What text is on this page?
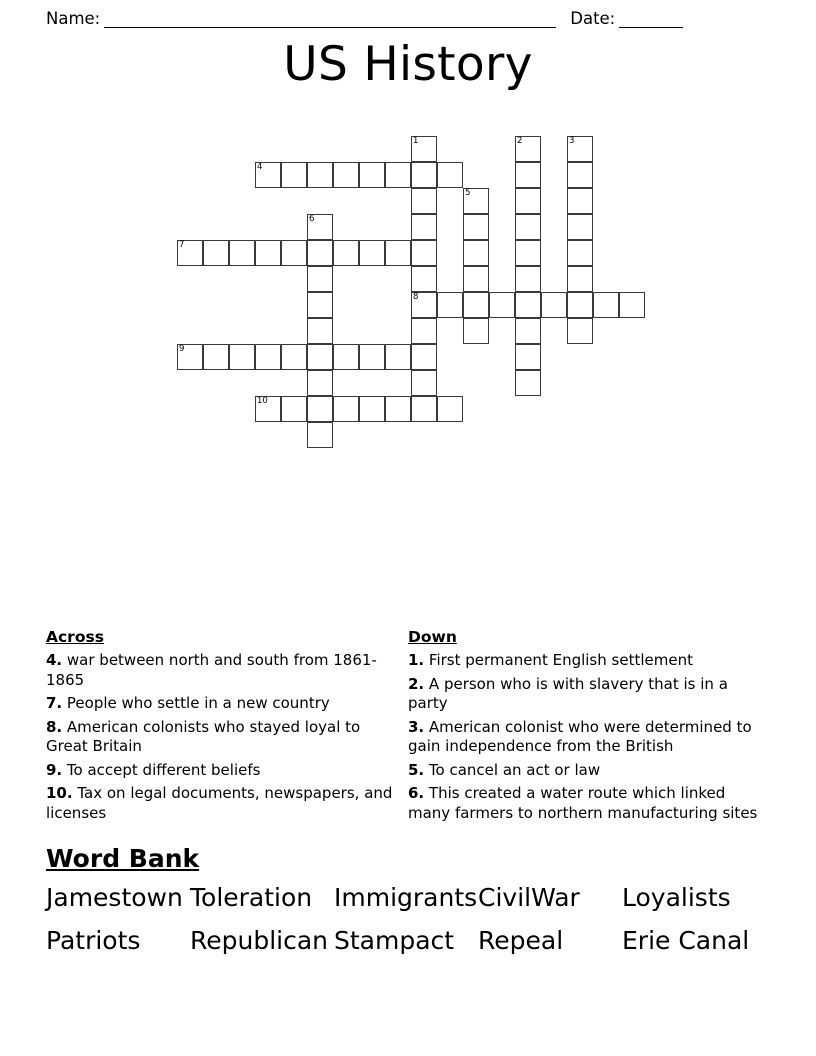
Name:	Date:
US History
1	2	3
4
5
6
7
8
9
10
Across
4. war between north and south from 1861-1865
7. People who settle in a new country
8. American colonists who stayed loyal to Great Britain
9. To accept different beliefs
10. Tax on legal documents, newspapers, and licenses
Down
1. First permanent English settlement
2. A person who is with slavery that is in a party
3. American colonist who were determined to gain independence from the British
5. To cancel an act or law
6. This created a water route which linked many farmers to northern manufacturing sites
Word Bank
Jamestown Toleration Immigrants CivilWar	Loyalists
Patriots	Republican Stampact Repeal	Erie Canal
